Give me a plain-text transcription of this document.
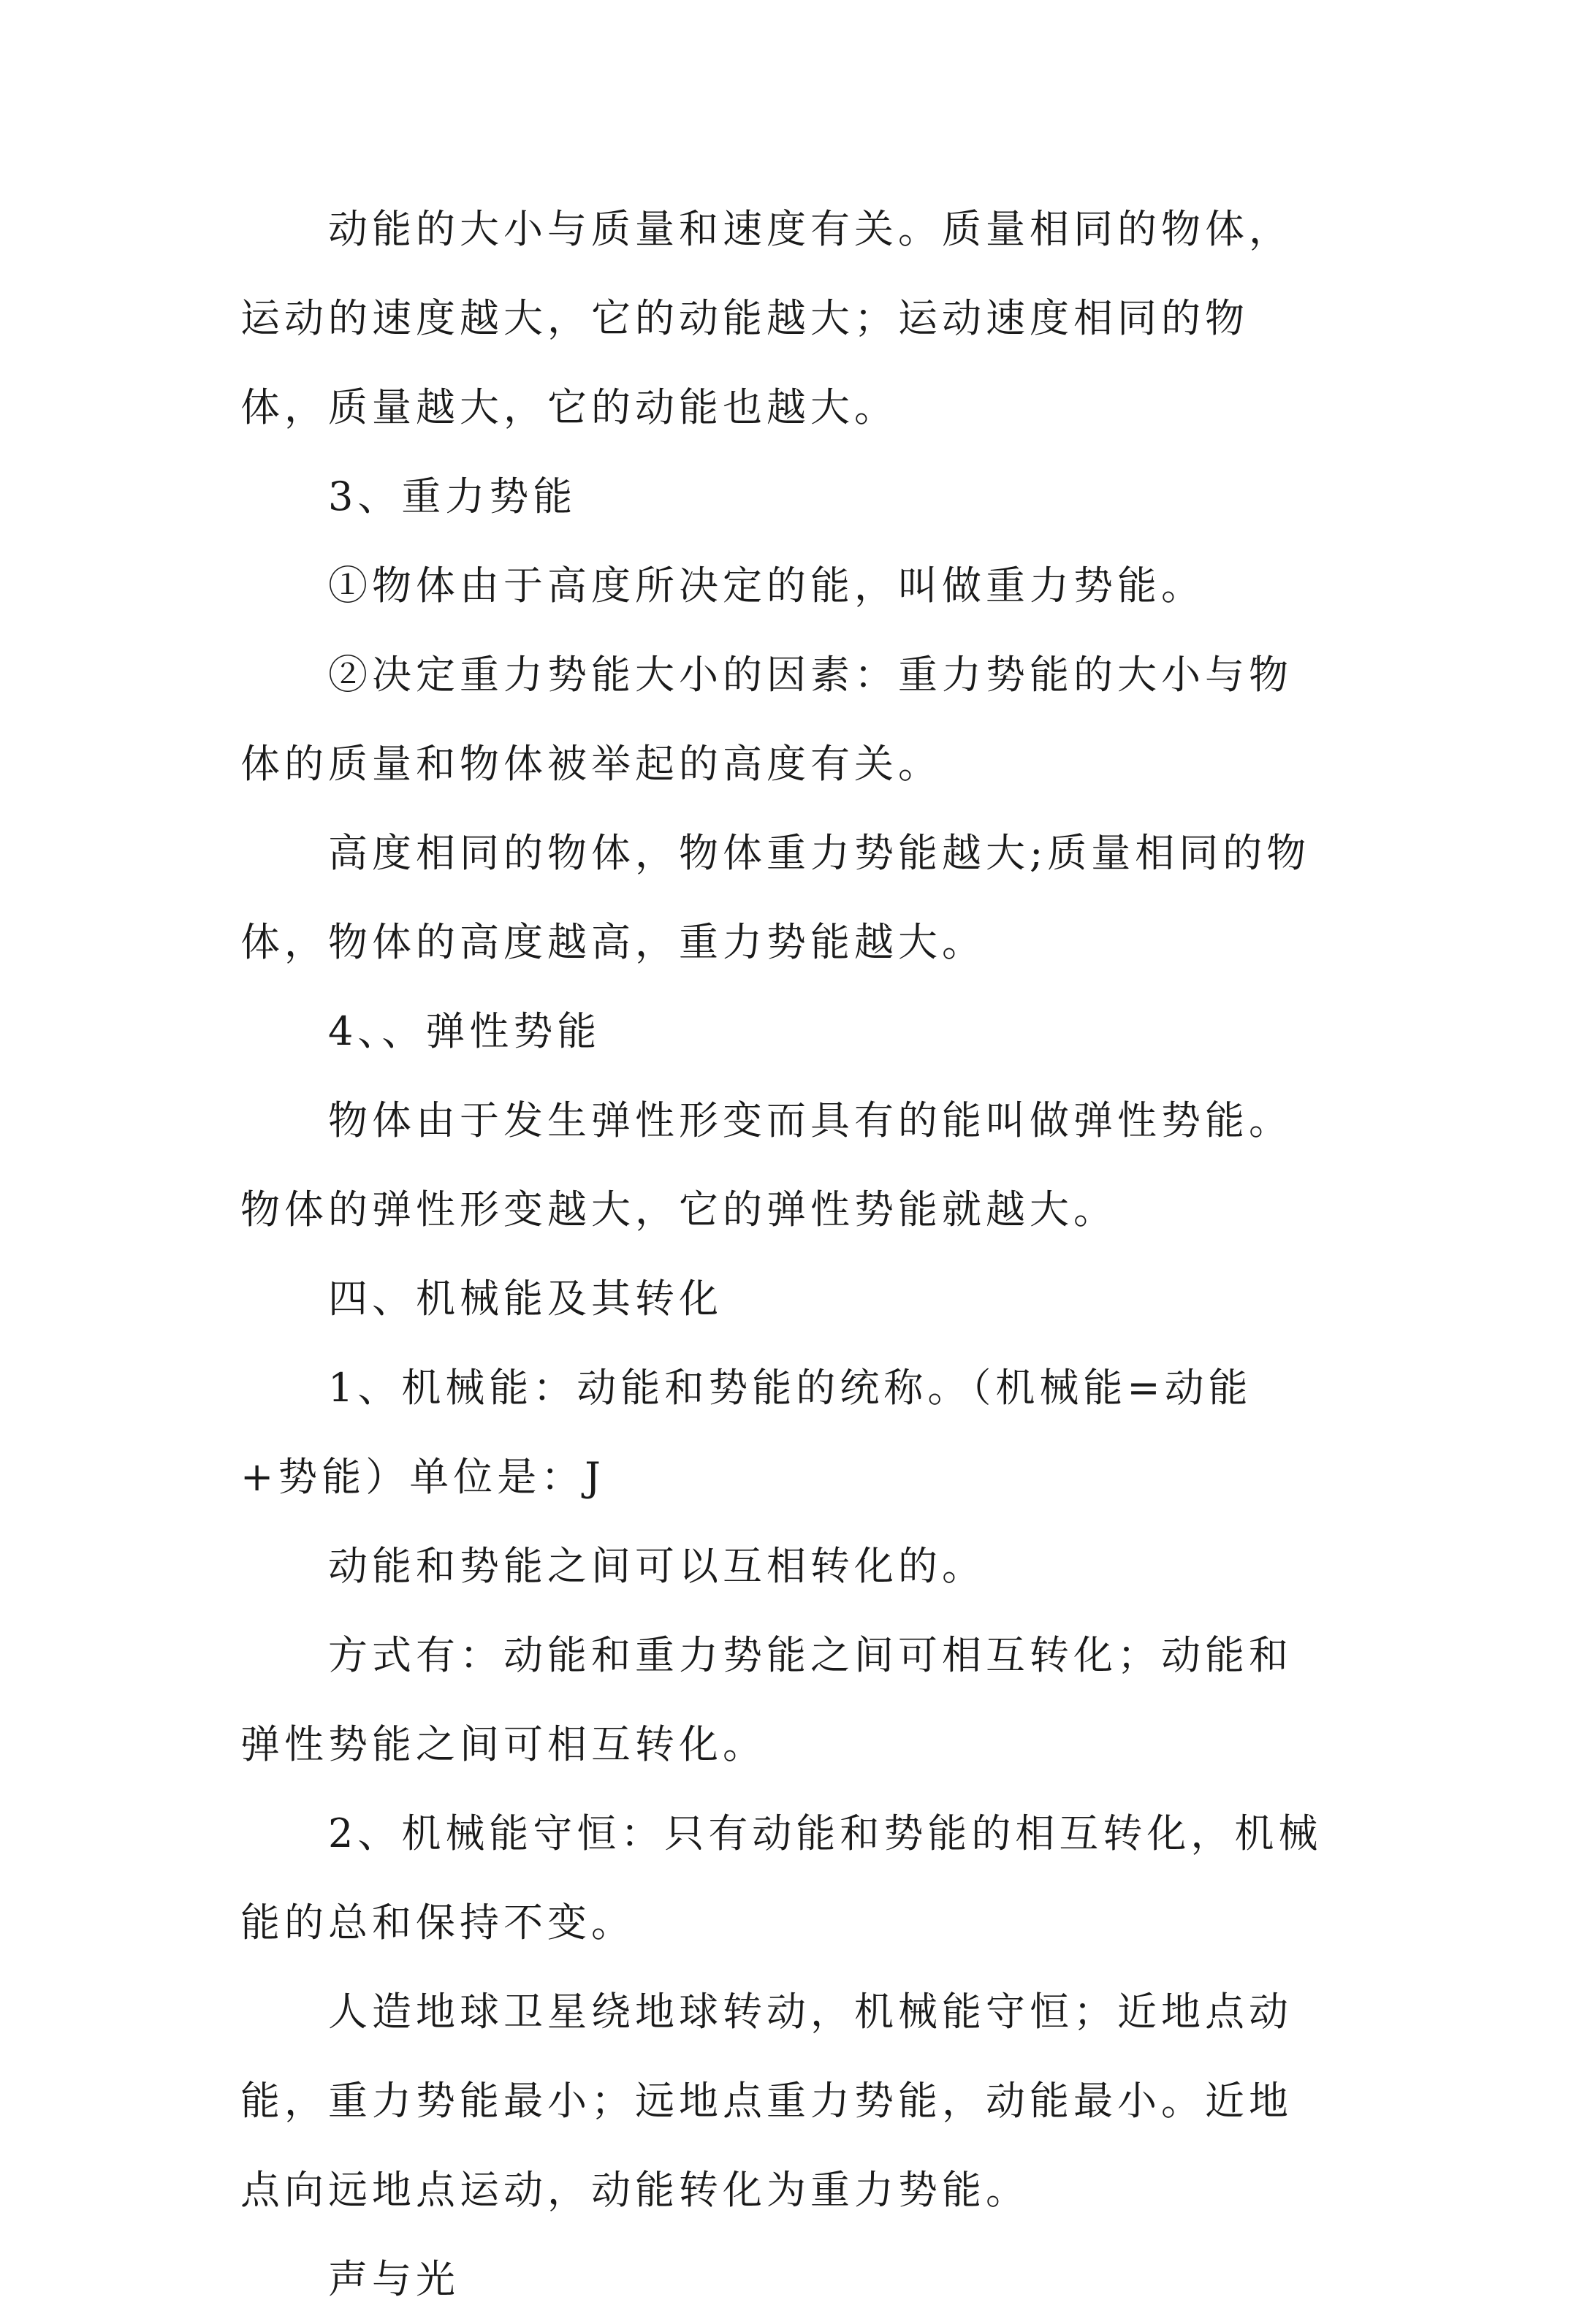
动能的大小与质量和速度有关。质量相同的物体，运动的速度越大，它的动能越大；运动速度相同的物体，质量越大，它的动能也越大。

3、重力势能

①物体由于高度所决定的能，叫做重力势能。

②决定重力势能大小的因素：重力势能的大小与物体的质量和物体被举起的高度有关。

高度相同的物体，物体重力势能越大;质量相同的物体，物体的高度越高，重力势能越大。

4、、弹性势能

物体由于发生弹性形变而具有的能叫做弹性势能。物体的弹性形变越大，它的弹性势能就越大。

四、机械能及其转化

1、机械能：动能和势能的统称。（机械能=动能+势能）单位是：J

动能和势能之间可以互相转化的。

方式有：动能和重力势能之间可相互转化；动能和弹性势能之间可相互转化。

2、机械能守恒：只有动能和势能的相互转化，机械能的总和保持不变。

人造地球卫星绕地球转动，机械能守恒；近地点动能，重力势能最小；远地点重力势能，动能最小。近地点向远地点运动，动能转化为重力势能。

声与光
